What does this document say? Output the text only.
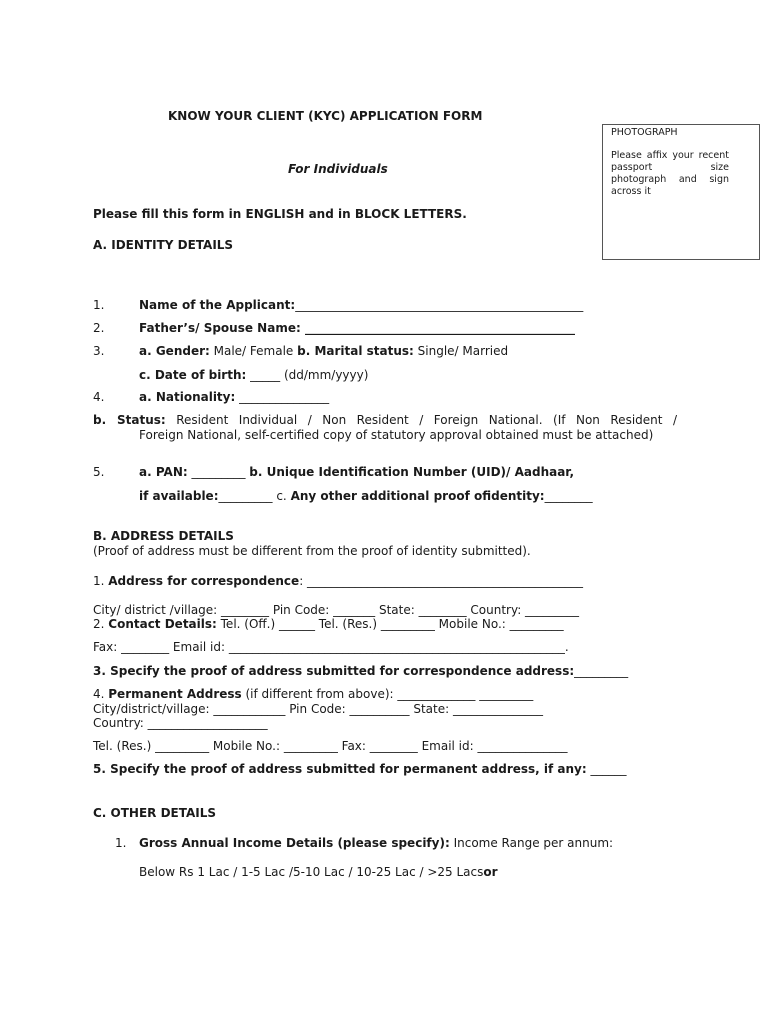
KNOW YOUR CLIENT (KYC) APPLICATION FORM
For Individuals
PHOTOGRAPH
Please affix your recent passport size photograph and sign across it
Please fill this form in ENGLISH and in BLOCK LETTERS.
A. IDENTITY DETAILS
1.	Name of the Applicant:________________________________________________
2.	Father’s/ Spouse Name: _____________________________________________
3.	a. Gender: Male/ Female b. Marital status: Single/ Married
c. Date of birth: _____ (dd/mm/yyyy)
4.	a. Nationality: _______________
b. Status: Resident Individual / Non Resident / Foreign National. (If Non Resident /
Foreign National, self-certified copy of statutory approval obtained must be attached)
5.	a. PAN: _________ b. Unique Identification Number (UID)/ Aadhaar,
if available:_________ c. Any other additional proof ofidentity:________
B. ADDRESS DETAILS
(Proof of address must be different from the proof of identity submitted).
1. Address for correspondence: ______________________________________________
City/ district /village: ________ Pin Code: _______ State: ________ Country: _________
2. Contact Details: Tel. (Off.) ______ Tel. (Res.) _________ Mobile No.: _________
Fax: ________ Email id: ________________________________________________________.
3. Specify the proof of address submitted for correspondence address:_________
4. Permanent Address (if different from above): _____________ _________
City/district/village: ____________ Pin Code: __________ State: _______________
Country: ____________________
Tel. (Res.) _________ Mobile No.: _________ Fax: ________ Email id: _______________
5. Specify the proof of address submitted for permanent address, if any: ______
C. OTHER DETAILS
1. Gross Annual Income Details (please specify): Income Range per annum:
Below Rs 1 Lac / 1-5 Lac /5-10 Lac / 10-25 Lac / >25 Lacsor
